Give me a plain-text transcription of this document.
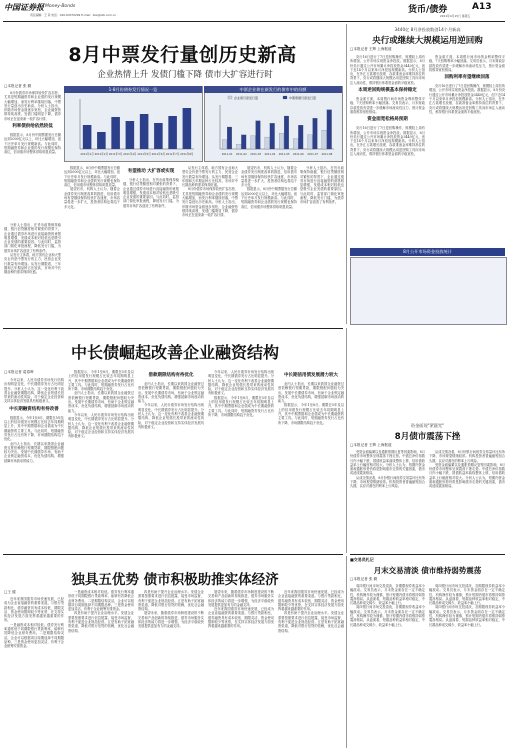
中国证券报 Money·Bonds
责任编辑：王 荣 电话：010-63070299 E-mail：zbs@zzb.com.cn	货币/债券	A13
2011年4月15日 星期五
8月中票发行量创历史新高
企业热情上升 发债门槛下降 债市大扩容进行时
□本报记者 张 勤

8月份债券市场保持较快扩容态势，尤其是短期融资券和企业债的发行规模大幅增加，而发行利率继续回落，中票发行量创出历史新高。分析人士指出，伴随市场资金面逐步宽松，企业融资热情持续高涨，发债门槛明显下降，债券市场正在迎来新一轮扩容行情。

利率债供给依然较低

数据显示，8月份中期票据发行总额达到2000亿元以上，环比大幅增加，创下历史单月发行规模新高。与此同时，短期融资券和企业债的发行规模也保持高位，信用债市场整体供给明显放量。

分析人士指出，在货币政策保持稳健、银行信贷额度相对紧张的背景下，企业通过债券市场进行直接融资的意愿明显增强，发债成本相对较低也是吸引企业发债的重要原因。与此同时，监管部门简化审批流程，降低发行门槛，为债券市场扩容创造了有利条件。

从发行主体看，地方国有企业和大型央企仍是中票发行的主力，民营企业发行数量有所增加。从发行期限看，三年期和五年期品种占比较高，市场对中长期品种的需求保持旺盛。

1-8月份债券发行情况一览
2011年1月 2011年2月 2011年3月 2011年4月 2011年5月 2011年6月 2011年7月 2011年8月
中票企业债在新发行的债市中的份额
2011-01 2011-02 2011-03 2011-04 2011-05 2011-06 2011-07 2011-08
企业债月度发行量	中期票据月度发行量

数据显示，8月份中期票据发行总额达到2000亿元以上，环比大幅增加，创下历史单月发行规模新高。与此同时，短期融资券和企业债的发行规模也保持高位，信用债市场整体供给明显放量。

展望后市，机构人士认为，随着企业债券发行制度改革的推进，信用债市场有望继续保持较快扩容速度，市场容量将进一步扩大，投资者结构也将趋于多元化。

有望推动 大扩容或实现

分析人士指出，在货币政策保持稳健、银行信贷额度相对紧张的背景下，企业通过债券市场进行直接融资的意愿明显增强，发债成本相对较低也是吸引企业发债的重要原因。与此同时，监管部门简化审批流程，降低发行门槛，为债券市场扩容创造了有利条件。

从发行主体看，地方国有企业和大型央企仍是中票发行的主力，民营企业发行数量有所增加。从发行期限看，三年期和五年期品种占比较高，市场对中长期品种的需求保持旺盛。

8月份债券市场保持较快扩容态势，尤其是短期融资券和企业债的发行规模大幅增加，而发行利率继续回落，中票发行量创出历史新高。分析人士指出，伴随市场资金面逐步宽松，企业融资热情持续高涨，发债门槛明显下降，债券市场正在迎来新一轮扩容行情。

展望后市，机构人士认为，随着企业债券发行制度改革的推进，信用债市场有望继续保持较快扩容速度，市场容量将进一步扩大，投资者结构也将趋于多元化。

数据显示，8月份中期票据发行总额达到2000亿元以上，环比大幅增加，创下历史单月发行规模新高。与此同时，短期融资券和企业债的发行规模也保持高位，信用债市场整体供给明显放量。

分析人士指出，在货币政策保持稳健、银行信贷额度相对紧张的背景下，企业通过债券市场进行直接融资的意愿明显增强，发债成本相对较低也是吸引企业发债的重要原因。与此同时，监管部门简化审批流程，降低发行门槛，为债券市场扩容创造了有利条件。

3440亿 8月净投放数创14个月新高
央行或继续大规模运用逆回购
□本报记者 王辉 上海报道

央行16日进行了7日逆回购操作，规模较上周有所增加，公开市场实现资金净投放。数据显示，8月份央行通过公开市场累计净投放资金3440亿元，创下近14个月以来单月净投放规模新高。分析人士指出，在外汇占款增长放缓、存款准备金率维持高位的背景下，央行或将继续大规模运用逆回购工具向市场注入流动性，维持银行体系资金面的平稳宽松。

本周逆回购规模基本保持稳定

资金面方面，本周银行间市场资金利率整体平稳，7天回购利率小幅回落。交易员表示，月末财政存款投放有望进一步缓解市场流动性压力，预计资金面将维持宽松格局。

资金面宽松格局预期

央行16日进行了7日逆回购操作，规模较上周有所增加，公开市场实现资金净投放。数据显示，8月份央行通过公开市场累计净投放资金3440亿元，创下近14个月以来单月净投放规模新高。分析人士指出，在外汇占款增长放缓、存款准备金率维持高位的背景下，央行或将继续大规模运用逆回购工具向市场注入流动性，维持银行体系资金面的平稳宽松。

资金面方面，本周银行间市场资金利率整体平稳，7天回购利率小幅回落。交易员表示，月末财政存款投放有望进一步缓解市场流动性压力，预计资金面将维持宽松格局。

回购利率有望继续回落

央行16日进行了7日逆回购操作，规模较上周有所增加，公开市场实现资金净投放。数据显示，8月份央行通过公开市场累计净投放资金3440亿元，创下近14个月以来单月净投放规模新高。分析人士指出，在外汇占款增长放缓、存款准备金率维持高位的背景下，央行或将继续大规模运用逆回购工具向市场注入流动性，维持银行体系资金面的平稳宽松。

8月公开市场资金投放统计
中长债崛起改善企业融资结构
□本报记者 葛春晖

今年以来，人民币债券市场发行结构出现明显变化，中长期债券发行占比明显提升。分析人士认为，这一变化有利于改善企业融资期限结构，降低企业短债长投带来的流动性风险，对于稳定企业经营和支持实体经济发展具有积极意义。

中长期融资结构有待改善

数据显示，今年1至8月，期限在5年及以上的信用债发行规模占比较去年同期明显上升，其中中期票据和企业债成为中长期融资的主要工具。与此同时，短期融资券发行占比有所下降，市场期限结构趋于优化。

业内人士指出，长期以来我国企业融资过度依赖银行短期贷款，期限错配问题较为突出。发展中长期债券市场，有助于企业锁定融资成本，优化负债结构，增强抵御市场波动的能力。

数据显示，今年1至8月，期限在5年及以上的信用债发行规模占比较去年同期明显上升，其中中期票据和企业债成为中长期融资的主要工具。与此同时，短期融资券发行占比有所下降，市场期限结构趋于优化。

业内人士指出，长期以来我国企业融资过度依赖银行短期贷款，期限错配问题较为突出。发展中长期债券市场，有助于企业锁定融资成本，优化负债结构，增强抵御市场波动的能力。

今年以来，人民币债券市场发行结构出现明显变化，中长期债券发行占比明显提升。分析人士认为，这一变化有利于改善企业融资期限结构，降低企业短债长投带来的流动性风险，对于稳定企业经营和支持实体经济发展具有积极意义。

借款期限结构有待优化

业内人士指出，长期以来我国企业融资过度依赖银行短期贷款，期限错配问题较为突出。发展中长期债券市场，有助于企业锁定融资成本，优化负债结构，增强抵御市场波动的能力。

今年以来，人民币债券市场发行结构出现明显变化，中长期债券发行占比明显提升。分析人士认为，这一变化有利于改善企业融资期限结构，降低企业短债长投带来的流动性风险，对于稳定企业经营和支持实体经济发展具有积极意义。

今年以来，人民币债券市场发行结构出现明显变化，中长期债券发行占比明显提升。分析人士认为，这一变化有利于改善企业融资期限结构，降低企业短债长投带来的流动性风险，对于稳定企业经营和支持实体经济发展具有积极意义。

数据显示，今年1至8月，期限在5年及以上的信用债发行规模占比较去年同期明显上升，其中中期票据和企业债成为中长期融资的主要工具。与此同时，短期融资券发行占比有所下降，市场期限结构趋于优化。

中长期信用债发展潜力较大

业内人士指出，长期以来我国企业融资过度依赖银行短期贷款，期限错配问题较为突出。发展中长期债券市场，有助于企业锁定融资成本，优化负债结构，增强抵御市场波动的能力。

数据显示，今年1至8月，期限在5年及以上的信用债发行规模占比较去年同期明显上升，其中中期票据和企业债成为中长期融资的主要工具。与此同时，短期融资券发行占比有所下降，市场期限结构趋于优化。

资金面现"紧箍咒"
8月债市震荡下挫
□本报记者 王辉 上海报道

受资金面偏紧以及通胀预期反复等因素影响，8月份债券市场整体呈现震荡下挫走势。中债总净价指数月内小幅下跌，国债收益率曲线整体上移，信用债收益率上行幅度相对较大。分析人士认为，短期内资金面和通胀形势仍将是影响债市走势的关键因素，债市或延续震荡格局。

从成交情况看，8月份银行间现券交易量环比有所下降，市场观望情绪较浓。机构投资者普遍缩短组合久期，以应对潜在的利率上行风险。

从成交情况看，8月份银行间现券交易量环比有所下降，市场观望情绪较浓。机构投资者普遍缩短组合久期，以应对潜在的利率上行风险。

受资金面偏紧以及通胀预期反复等因素影响，8月份债券市场整体呈现震荡下挫走势。中债总净价指数月内小幅下跌，国债收益率曲线整体上移，信用债收益率上行幅度相对较大。分析人士认为，短期内资金面和通胀形势仍将是影响债市走势的关键因素，债市或延续震荡格局。

■交易员札记
月末交易清淡 债市维持弱势震荡
□本报记者 张 勤

周四银行间市场交投清淡，各期限现券收益率小幅波动。交易员表示，月末资金面存在一定不确定性，机构操作较为谨慎，预计短期内债市将维持弱势震荡格局。从盘面看，短端品种收益率相对稳定，中长端品种成交稀少，收益率小幅上行。

周四银行间市场交投清淡，各期限现券收益率小幅波动。交易员表示，月末资金面存在一定不确定性，机构操作较为谨慎，预计短期内债市将维持弱势震荡格局。从盘面看，短端品种收益率相对稳定，中长端品种成交稀少，收益率小幅上行。

周四银行间市场交投清淡，各期限现券收益率小幅波动。交易员表示，月末资金面存在一定不确定性，机构操作较为谨慎，预计短期内债市将维持弱势震荡格局。从盘面看，短端品种收益率相对稳定，中长端品种成交稀少，收益率小幅上行。

周四银行间市场交投清淡，各期限现券收益率小幅波动。交易员表示，月末资金面存在一定不确定性，机构操作较为谨慎，预计短期内债市将维持弱势震荡格局。从盘面看，短端品种收益率相对稳定，中长端品种成交稀少，收益率小幅上行。

独具五优势 债市积极助推实体经济
□王 健

近年来我国债券市场快速发展，已经成为企业直接融资的重要渠道。与银行贷款相比，债券融资具有成本较低、期限灵活、资金使用限制较少等优势，在支持实体经济发展方面发挥着越来越重要的作用。

一是融资成本相对较低。债券发行利率通常低于同期限银行贷款利率，能够有效降低企业财务费用。二是期限结构灵活，企业可以根据项目周期选择不同期限品种。三是资金使用更加灵活，有利于企业统筹安排资金。

一是融资成本相对较低。债券发行利率通常低于同期限银行贷款利率，能够有效降低企业财务费用。二是期限结构灵活，企业可以根据项目周期选择不同期限品种。三是资金使用更加灵活，有利于企业统筹安排资金。

四是有助于提升企业治理水平。发债企业需要按照要求进行信息披露，接受市场监督，有利于促进企业规范经营。五是有助于拓宽融资渠道，降低对银行信贷的依赖，优化社会融资结构。

四是有助于提升企业治理水平。发债企业需要按照要求进行信息披露，接受市场监督，有利于促进企业规范经营。五是有助于拓宽融资渠道，降低对银行信贷的依赖，优化社会融资结构。

展望未来，随着债券市场制度建设的不断完善和产品创新的持续推进，债券市场服务实体经济的能力将进一步增强，为经济平稳较快发展提供更加有力的金融支持。

展望未来，随着债券市场制度建设的不断完善和产品创新的持续推进，债券市场服务实体经济的能力将进一步增强，为经济平稳较快发展提供更加有力的金融支持。

近年来我国债券市场快速发展，已经成为企业直接融资的重要渠道。与银行贷款相比，债券融资具有成本较低、期限灵活、资金使用限制较少等优势，在支持实体经济发展方面发挥着越来越重要的作用。

近年来我国债券市场快速发展，已经成为企业直接融资的重要渠道。与银行贷款相比，债券融资具有成本较低、期限灵活、资金使用限制较少等优势，在支持实体经济发展方面发挥着越来越重要的作用。

四是有助于提升企业治理水平。发债企业需要按照要求进行信息披露，接受市场监督，有利于促进企业规范经营。五是有助于拓宽融资渠道，降低对银行信贷的依赖，优化社会融资结构。
